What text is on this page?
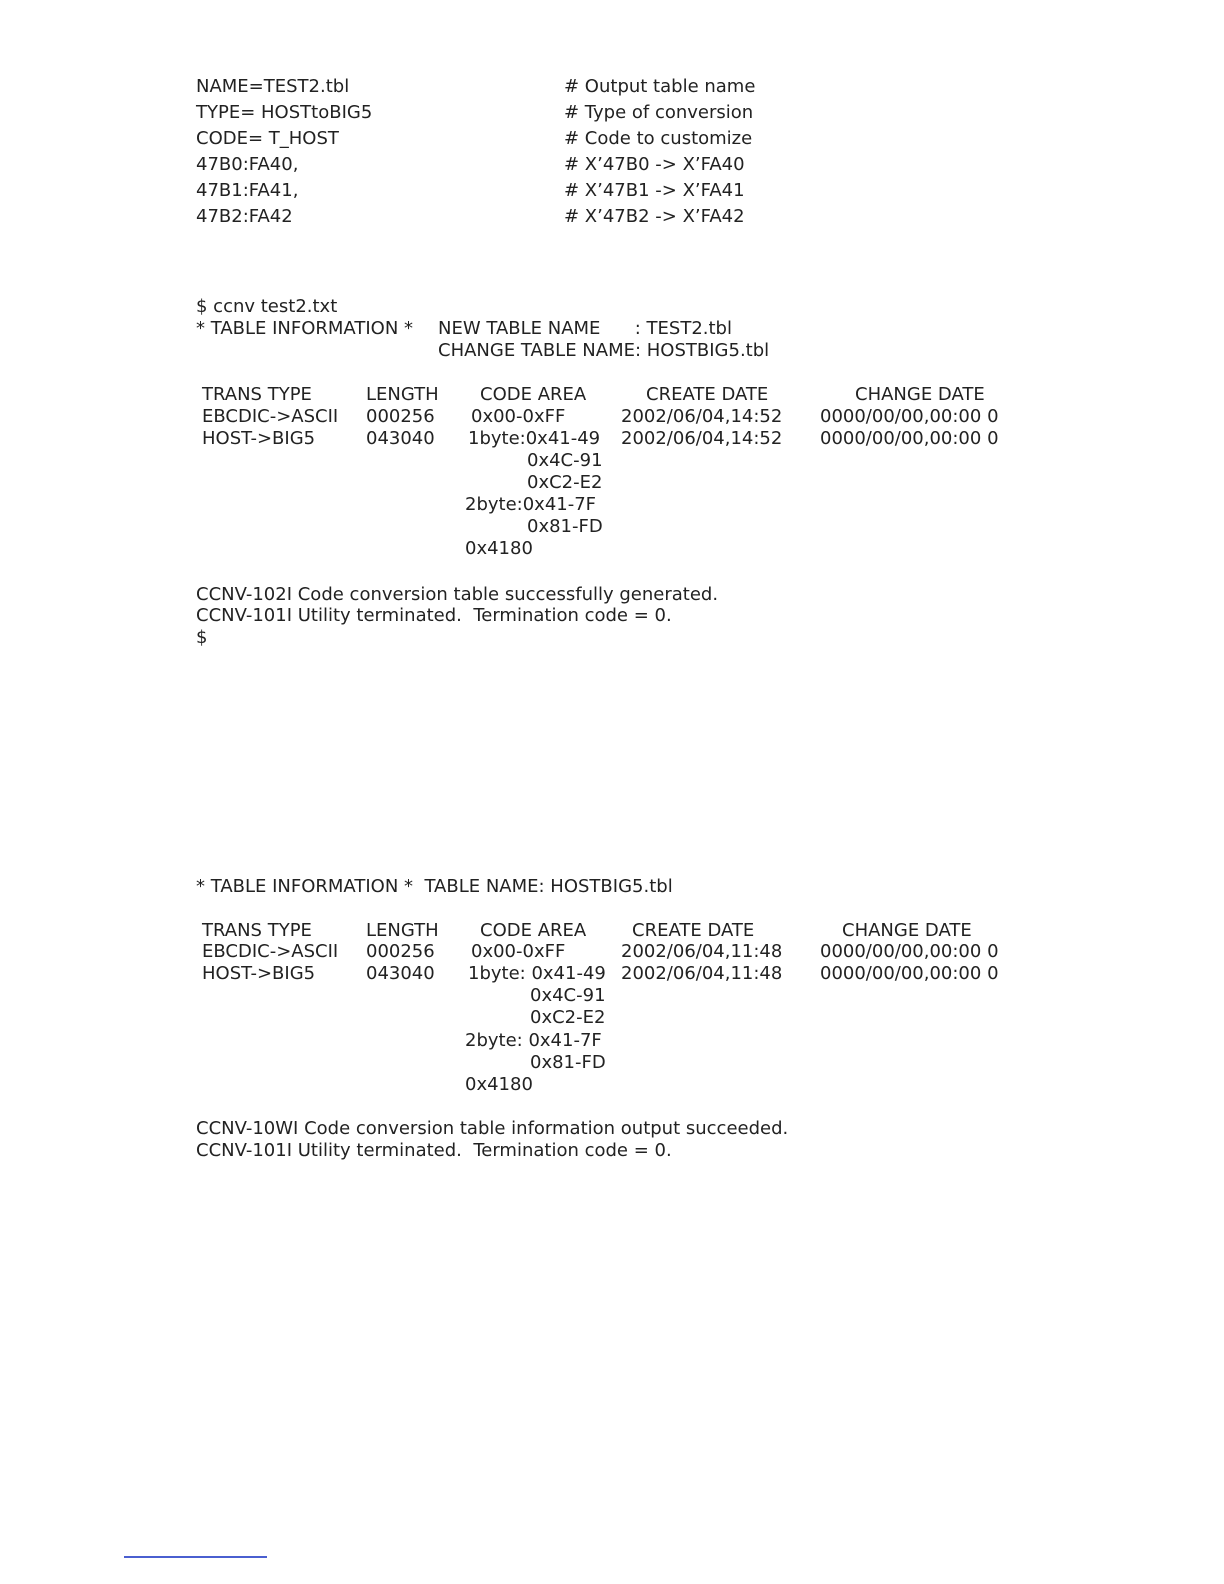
NAME=TEST2.tbl	# Output table name
TYPE= HOSTtoBIG5	# Type of conversion
CODE= T_HOST	# Code to customize
47B0:FA40,	# X’47B0 -> X’FA40
47B1:FA41,	# X’47B1 -> X’FA41
47B2:FA42	# X’47B2 -> X’FA42
$ ccnv test2.txt
* TABLE INFORMATION * NEW TABLE NAME      : TEST2.tbl
CHANGE TABLE NAME: HOSTBIG5.tbl
TRANS TYPE	LENGTH CODE AREA	CREATE DATE	CHANGE DATE
EBCDIC->ASCII 000256 0x00-0xFF	2002/06/04,14:52 0000/00/00,00:00 0
HOST->BIG5	043040 1byte:0x41-49 2002/06/04,14:52 0000/00/00,00:00 0
0x4C-91
0xC2-E2
2byte:0x41-7F
0x81-FD
0x4180
CCNV-102I Code conversion table successfully generated.
CCNV-101I Utility terminated.  Termination code = 0.
$
* TABLE INFORMATION *  TABLE NAME: HOSTBIG5.tbl
TRANS TYPE	LENGTH CODE AREA	CREATE DATE	CHANGE DATE
EBCDIC->ASCII 000256 0x00-0xFF	2002/06/04,11:48 0000/00/00,00:00 0
HOST->BIG5	043040 1byte: 0x41-49 2002/06/04,11:48 0000/00/00,00:00 0
0x4C-91
0xC2-E2
2byte: 0x41-7F
0x81-FD
0x4180
CCNV-10WI Code conversion table information output succeeded.
CCNV-101I Utility terminated.  Termination code = 0.
